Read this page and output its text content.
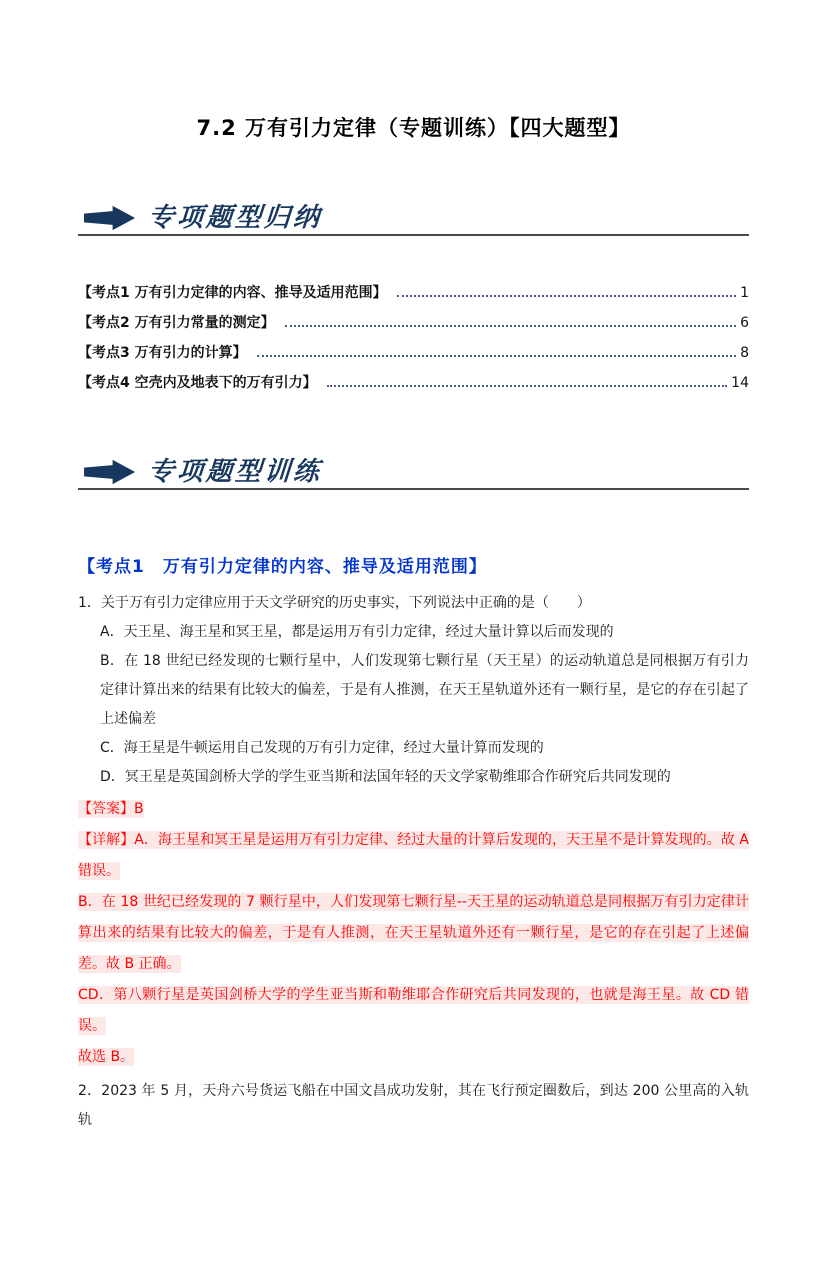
7.2 万有引力定律（专题训练）【四大题型】
专项题型归纳
【考点1 万有引力定律的内容、推导及适用范围】	1
【考点2 万有引力常量的测定】	6
【考点3 万有引力的计算】	8
【考点4 空壳内及地表下的万有引力】	14
专项题型训练
【考点1　万有引力定律的内容、推导及适用范围】

1．关于万有引力定律应用于天文学研究的历史事实，下列说法中正确的是（　　）

A．天王星、海王星和冥王星，都是运用万有引力定律，经过大量计算以后而发现的

B．在 18 世纪已经发现的七颗行星中，人们发现第七颗行星（天王星）的运动轨道总是同根据万有引力定律计算出来的结果有比较大的偏差，于是有人推测，在天王星轨道外还有一颗行星，是它的存在引起了上述偏差

C．海王星是牛顿运用自己发现的万有引力定律，经过大量计算而发现的

D．冥王星是英国剑桥大学的学生亚当斯和法国年轻的天文学家勒维耶合作研究后共同发现的

【答案】B

【详解】A．海王星和冥王星是运用万有引力定律、经过大量的计算后发现的，天王星不是计算发现的。故 A 错误。

B．在 18 世纪已经发现的 7 颗行星中，人们发现第七颗行星--天王星的运动轨道总是同根据万有引力定律计算出来的结果有比较大的偏差，于是有人推测，在天王星轨道外还有一颗行星，是它的存在引起了上述偏差。故 B 正确。

CD．第八颗行星是英国剑桥大学的学生亚当斯和勒维耶合作研究后共同发现的，也就是海王星。故 CD 错误。

故选 B。

2．2023 年 5 月，天舟六号货运飞船在中国文昌成功发射，其在飞行预定圈数后，到达 200 公里高的入轨轨
